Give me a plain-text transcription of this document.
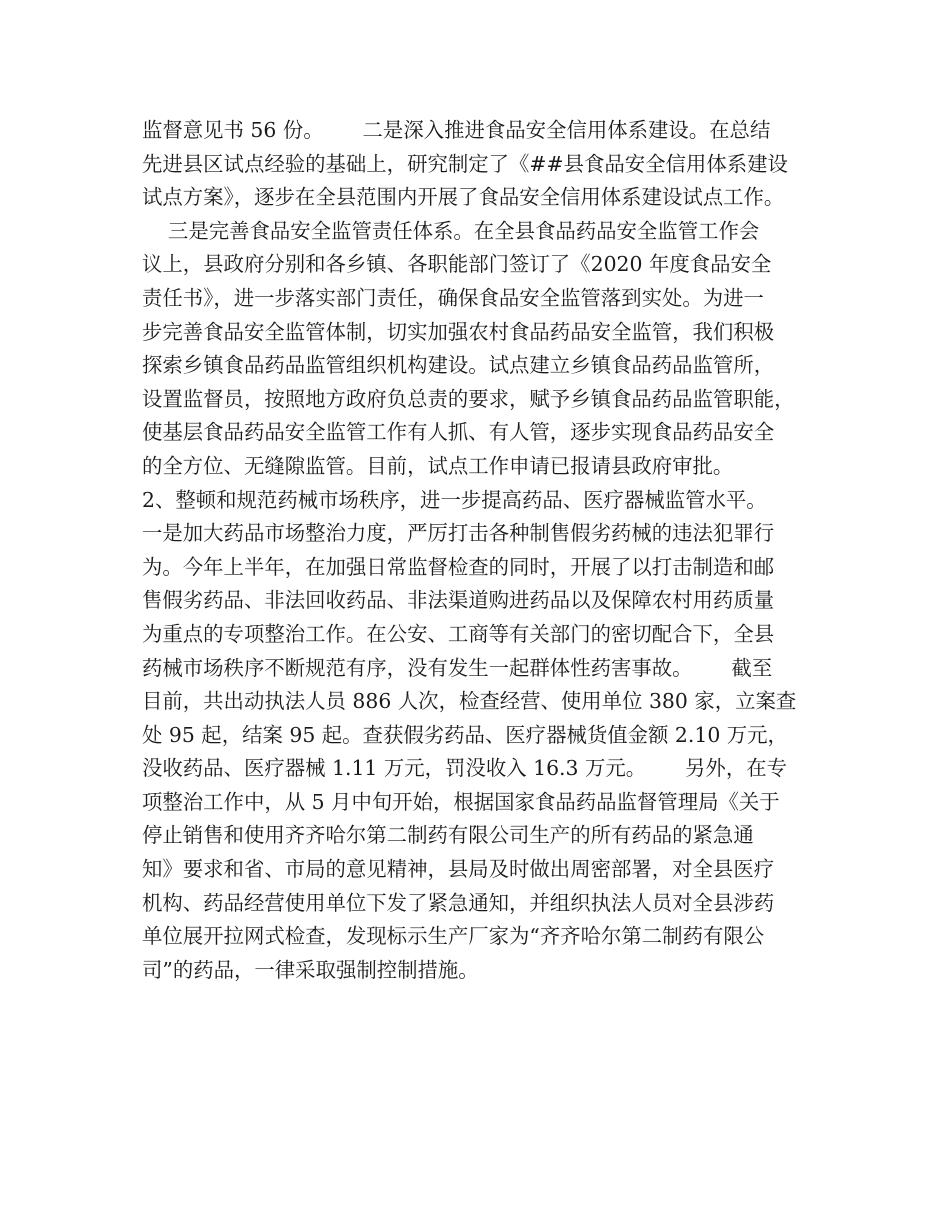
监督意见书 56 份。      二是深入推进食品安全信用体系建设。在总结
先进县区试点经验的基础上，研究制定了《##县食品安全信用体系建设
试点方案》，逐步在全县范围内开展了食品安全信用体系建设试点工作。
三是完善食品安全监管责任体系。在全县食品药品安全监管工作会
议上，县政府分别和各乡镇、各职能部门签订了《2020 年度食品安全
责任书》，进一步落实部门责任，确保食品安全监管落到实处。为进一
步完善食品安全监管体制，切实加强农村食品药品安全监管，我们积极
探索乡镇食品药品监管组织机构建设。试点建立乡镇食品药品监管所，
设置监督员，按照地方政府负总责的要求，赋予乡镇食品药品监管职能，
使基层食品药品安全监管工作有人抓、有人管，逐步实现食品药品安全
的全方位、无缝隙监管。目前，试点工作申请已报请县政府审批。
2、整顿和规范药械市场秩序，进一步提高药品、医疗器械监管水平。
一是加大药品市场整治力度，严厉打击各种制售假劣药械的违法犯罪行
为。今年上半年，在加强日常监督检查的同时，开展了以打击制造和邮
售假劣药品、非法回收药品、非法渠道购进药品以及保障农村用药质量
为重点的专项整治工作。在公安、工商等有关部门的密切配合下，全县
药械市场秩序不断规范有序，没有发生一起群体性药害事故。      截至
目前，共出动执法人员 886 人次，检查经营、使用单位 380 家，立案查
处 95 起，结案 95 起。查获假劣药品、医疗器械货值金额 2.10 万元，
没收药品、医疗器械 1.11 万元，罚没收入 16.3 万元。      另外，在专
项整治工作中，从 5 月中旬开始，根据国家食品药品监督管理局《关于
停止销售和使用齐齐哈尔第二制药有限公司生产的所有药品的紧急通
知》要求和省、市局的意见精神，县局及时做出周密部署，对全县医疗
机构、药品经营使用单位下发了紧急通知，并组织执法人员对全县涉药
单位展开拉网式检查，发现标示生产厂家为“齐齐哈尔第二制药有限公
司”的药品，一律采取强制控制措施。
